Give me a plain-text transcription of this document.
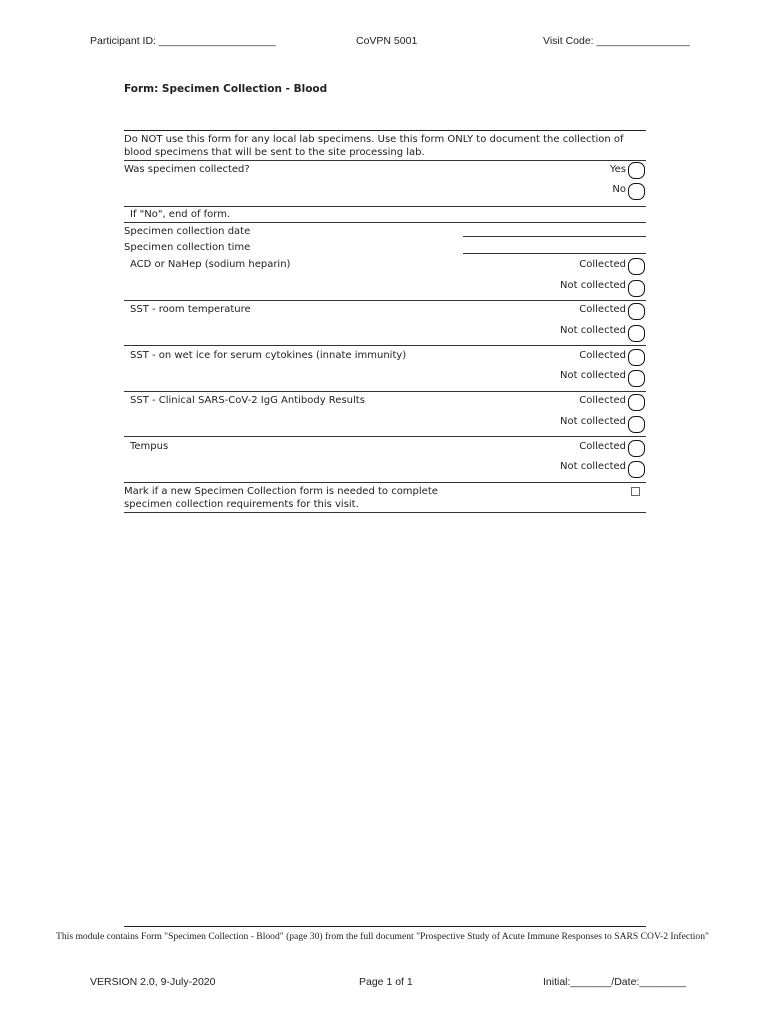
Participant ID: ____________________	CoVPN 5001	Visit Code: ________________
Form: Specimen Collection - Blood
Do NOT use this form for any local lab specimens. Use this form ONLY to document the collection of
blood specimens that will be sent to the site processing lab.
Was specimen collected?	Yes
No
If "No", end of form.
Specimen collection date
Specimen collection time
ACD or NaHep (sodium heparin)	Collected
Not collected
SST - room temperature	Collected
Not collected
SST - on wet ice for serum cytokines (innate immunity)	Collected
Not collected
SST - Clinical SARS-CoV-2 IgG Antibody Results	Collected
Not collected
Tempus	Collected
Not collected
Mark if a new Specimen Collection form is needed to complete
specimen collection requirements for this visit.
This module contains Form "Specimen Collection - Blood" (page 30) from the full document "Prospective Study of Acute Immune Responses to SARS COV-2 Infection"
VERSION 2.0, 9-July-2020	Page 1 of 1	Initial:_______/Date:________
